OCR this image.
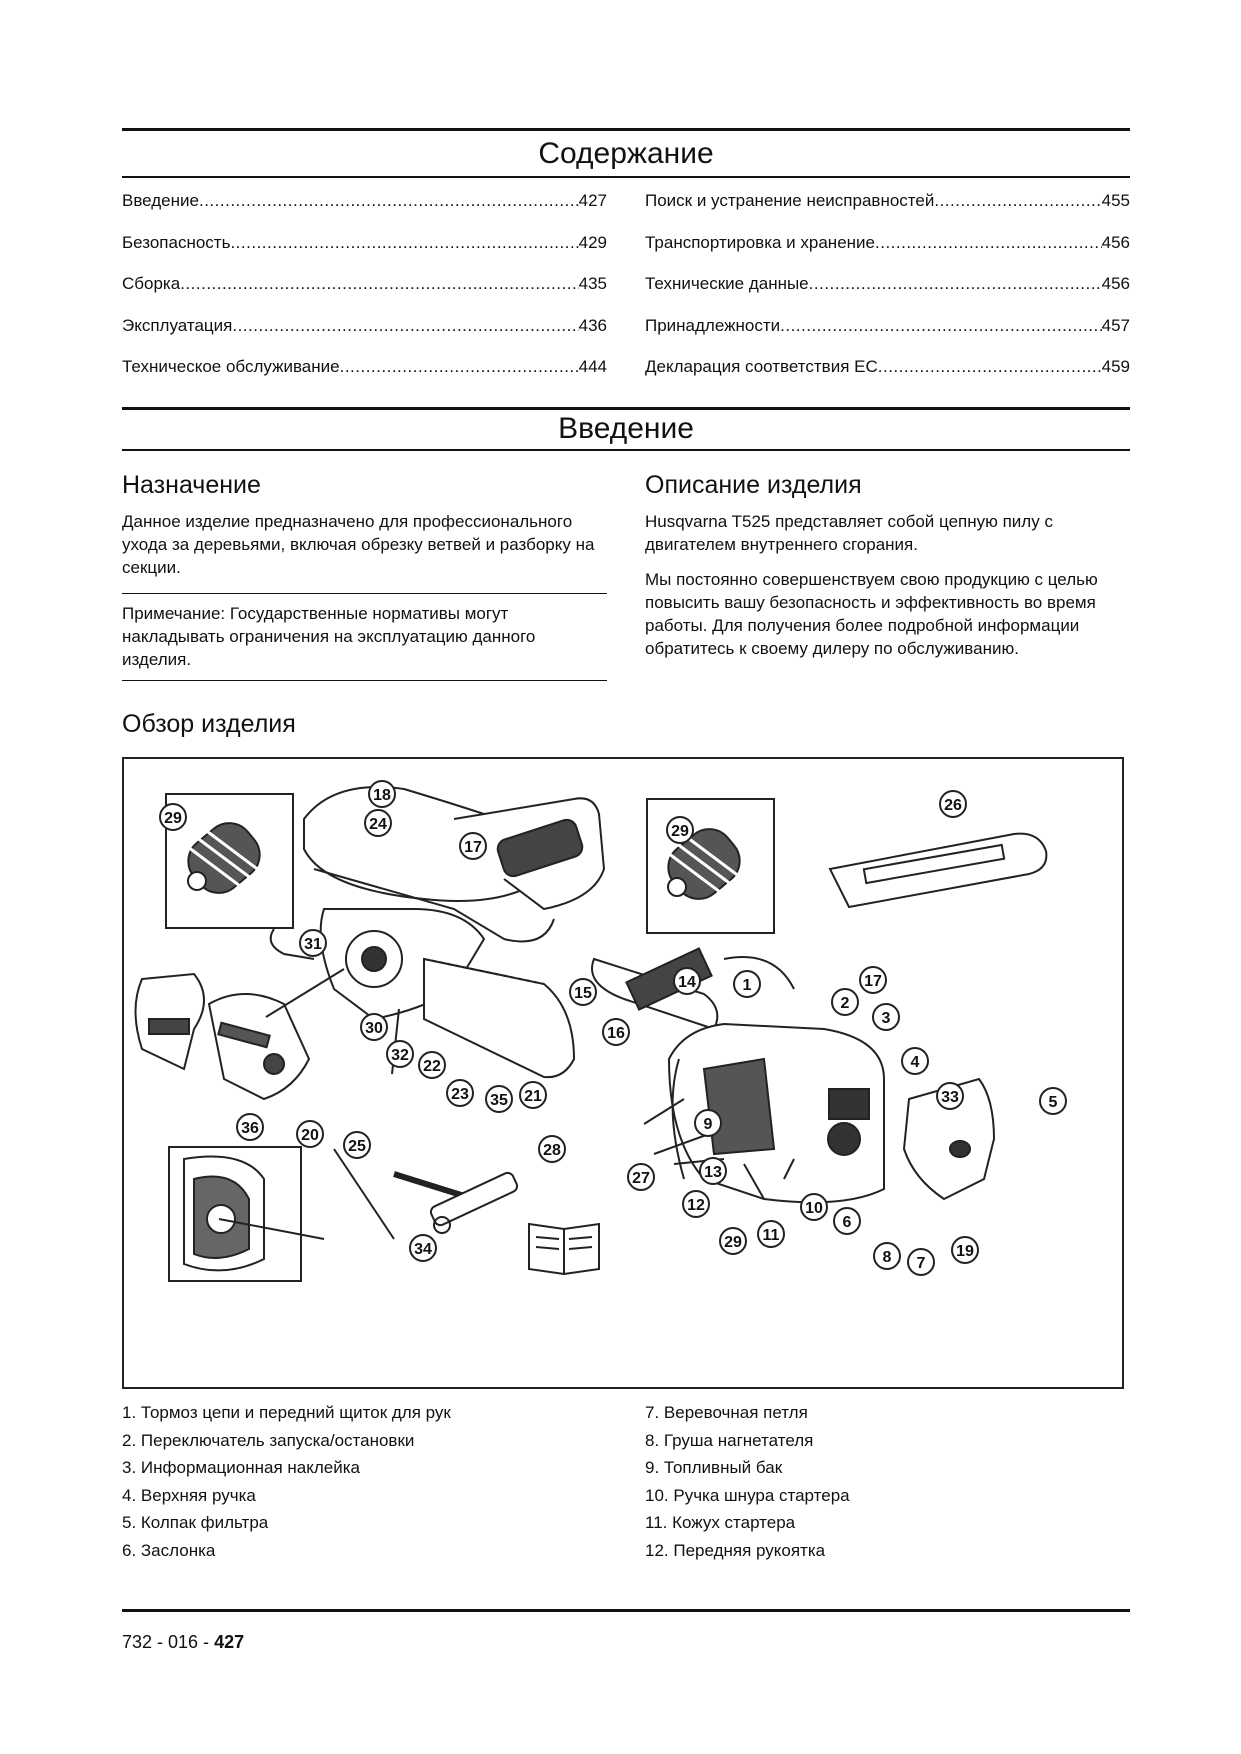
Содержание
Введение .....	427
Безопасность .....	429
Сборка .....	435
Эксплуатация .....	436
Техническое обслуживание .....	444
Поиск и устранение неисправностей .....	455
Транспортировка и хранение .....	456
Технические данные .....	456
Принадлежности .....	457
Декларация соответствия ЕС .....	459
Введение
Назначение

Данное изделие предназначено для профессионального ухода за деревьями, включая обрезку ветвей и разборку на секции.

Примечание: Государственные нормативы могут накладывать ограничения на эксплуатацию данного изделия.

Описание изделия

Husqvarna T525 представляет собой цепную пилу с двигателем внутреннего сгорания.

Мы постоянно совершенствуем свою продукцию с целью повысить вашу безопасность и эффективность во время работы. Для получения более подробной информации обратитесь к своему дилеру по обслуживанию.

Обзор изделия
1
2
3
4
5
6
7
8
9
10
11
12
13
14
15
16
17
17
18
19
20
21
22
23
24
25
26
27
28
29
29
29
30
31
32
33
34
35
36
1. Тормоз цепи и передний щиток для рук
2. Переключатель запуска/остановки
3. Информационная наклейка
4. Верхняя ручка
5. Колпак фильтра
6. Заслонка
7. Веревочная петля
8. Груша нагнетателя
9. Топливный бак
10. Ручка шнура стартера
11. Кожух стартера
12. Передняя рукоятка
732 - 016 - 427
